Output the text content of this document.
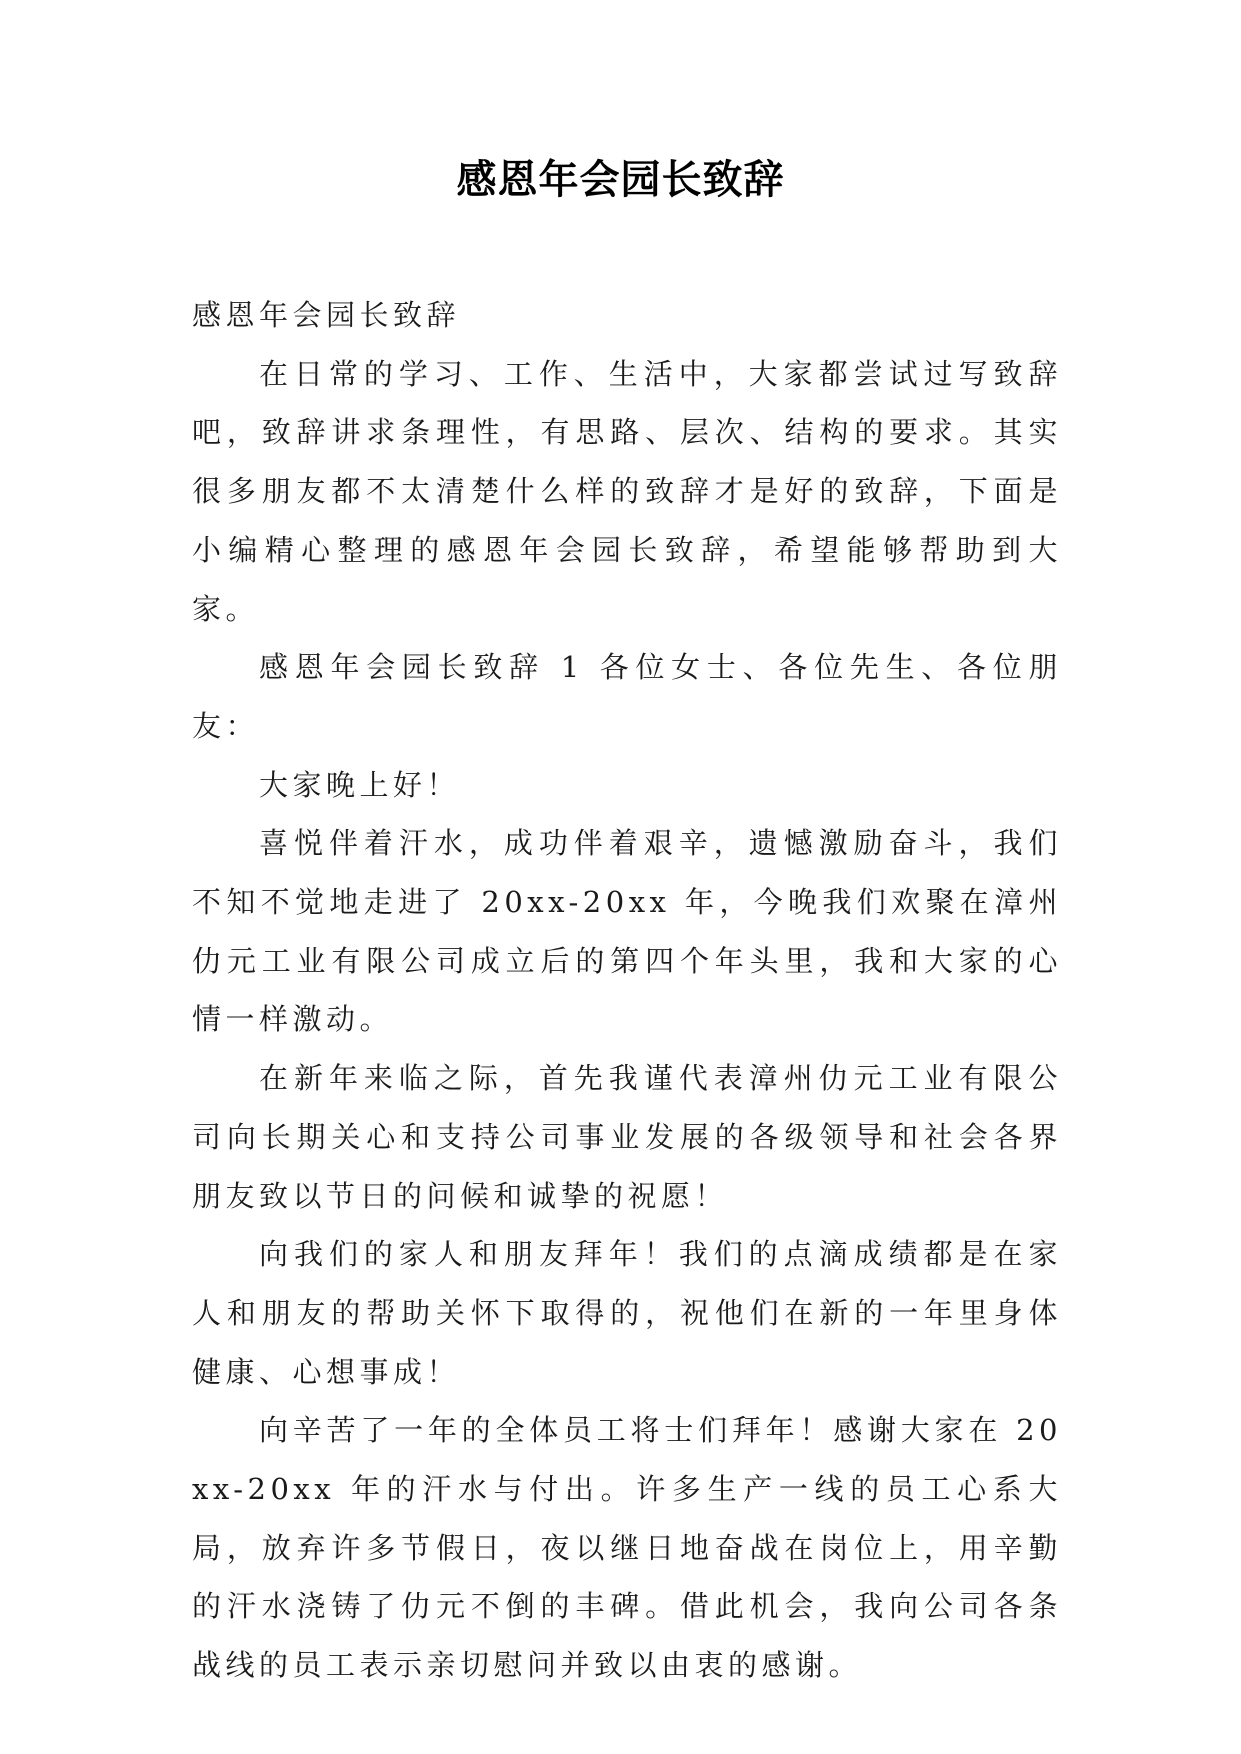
感恩年会园长致辞

感恩年会园长致辞

在日常的学习、工作、生活中，大家都尝试过写致辞吧，致辞讲求条理性，有思路、层次、结构的要求。其实很多朋友都不太清楚什么样的致辞才是好的致辞，下面是小编精心整理的感恩年会园长致辞，希望能够帮助到大家。

感恩年会园长致辞 1 各位女士、各位先生、各位朋友：

大家晚上好！

喜悦伴着汗水，成功伴着艰辛，遗憾激励奋斗，我们不知不觉地走进了 20xx-20xx 年，今晚我们欢聚在漳州仂元工业有限公司成立后的第四个年头里，我和大家的心情一样激动。

在新年来临之际，首先我谨代表漳州仂元工业有限公司向长期关心和支持公司事业发展的各级领导和社会各界朋友致以节日的问候和诚挚的祝愿！

向我们的家人和朋友拜年！我们的点滴成绩都是在家人和朋友的帮助关怀下取得的，祝他们在新的一年里身体健康、心想事成！

向辛苦了一年的全体员工将士们拜年！感谢大家在 20xx-20xx 年的汗水与付出。许多生产一线的员工心系大局，放弃许多节假日，夜以继日地奋战在岗位上，用辛勤的汗水浇铸了仂元不倒的丰碑。借此机会，我向公司各条战线的员工表示亲切慰问并致以由衷的感谢。
